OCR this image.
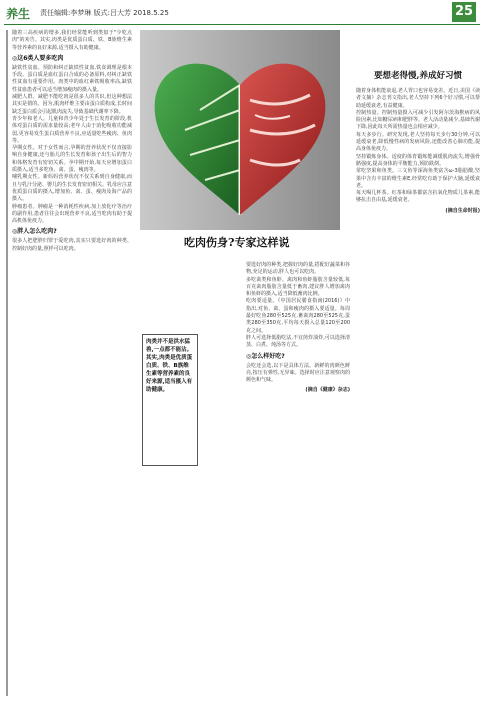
养生 责任编辑:李梦琳 版式:吕大芳 2018.5.25	25
随着三高疾病的增多,我们经常能听到类似于"少吃点肉"的劝告。其实,肉类是优质蛋白质、铁、B族维生素等营养素的良好来源,适当摄入有助健康。
◎这6类人要多吃肉
缺铁性贫血、预防和纠正缺铁性贫血,铁食调理是根本手段。蛋白质是血红蛋白合成的必备原料,对纠正缺铁性贫血有重要作用。肉类中的血红素铁吸收率高,缺铁性贫血患者可以适当增加瘦肉的摄入量。
减肥人群。减肥不能吃肉是很多人的共识,但这种想法其实是错的。因为,肌肉纤维主要由蛋白质构成,长时间缺乏蛋白质会引起肌肉流失,导致基础代谢率下降。
青少年和老人。儿童和青少年处于生长发育的阶段,机体对蛋白质的需求量较高;老年人由于消化吸收功能减弱,更容易发生蛋白质营养不良,应适量吃些瘦肉、鱼肉等。
孕期女性。对于女性而言,孕期的营养状况不仅直接影响自身健康,还与胎儿的生长发育和孩子出生后的智力和体格发育有密切关系。孕中期开始,每天应增加蛋白质摄入,适当多吃鱼、禽、蛋、瘦肉等。
哺乳期女性。新妈妈营养状况不仅关系到自身健康,而且与乳汁分泌、婴儿的生长发育密切相关。乳母应注意优质蛋白质的摄入,增加鱼、禽、蛋、瘦肉及海产品的摄入。
肿瘤患者。肿瘤是一种消耗性疾病,加上放化疗等治疗的副作用,患者往往会出现营养不良,适当吃肉有助于提高机体免疫力。
◎胖人怎么吃肉?
很多人把肥胖归罪于爱吃肉,其实只要选好肉的种类、控制好肉的量,照样可以吃肉。	吃肉伤身?专家这样说
肉类并不是洪水猛兽,一点都不能沾。其实,肉类是优质蛋白质、铁、B族维生素等营养素的良好来源,适当摄入有助健康。
要选好肉的种类,把握好肉的量,搭配好蔬菜和谷物,充足的运动,胖人也可以吃肉。
多吃禽类和鱼虾。禽肉和鱼虾脂肪含量较低,每百克禽肉脂肪含量低于畜肉,建议胖人增加禽肉和鱼虾的摄入,适当降低畜肉比例。
吃肉要适量。《中国居民膳食指南(2016)》中指出,对鱼、禽、蛋和瘦肉的摄入要适量。每周最好吃鱼280至525克,畜禽肉280至525克,蛋类280至350克,平均每天摄入总量120至200克之间。
胖人可选择低脂吃法,不宜煎炸油炸,可以选择清蒸、白煮、炖汤等方式。
◎怎么样好吃?
会吃还会选,以下是具体方法。新鲜的肉颜色鲜亮,按压有弹性,无异味。选择时应注意观察肉的颜色和气味。
(摘自《健康》杂志)
要想老得慢,养成好习惯
随着身体机能衰退,老人胃口也容易变差。近日,美国《读者文摘》杂志刊文指出,老人坚持下列6个好习惯,可以帮助延缓衰老,有益健康。
控制热量。控制热量摄入可减少引发阿尔茨海默病的风险因素,比如糖尿病和肥胖等。老人活动量减少,基础代谢下降,因此每天所需热量也会相应减少。
每天多步行。研究发现,老人坚持每天步行30分钟,可以延缓衰老,降低慢性病的发病风险,还能改善心肺功能,提高身体免疫力。
坚持锻炼身体。适度的体育锻炼能减缓肌肉流失,增强骨骼强度,提高身体的平衡能力,预防跌倒。
常吃坚果和鱼类。三文鱼等深海鱼类富含ω-3脂肪酸,坚果中含有丰富的维生素E,经常吃有助于保护大脑,延缓衰老。
每天喝几杯茶。红茶和绿茶都富含抗氧化物质儿茶素,能够抗击自由基,延缓衰老。
(摘自生命时报)
